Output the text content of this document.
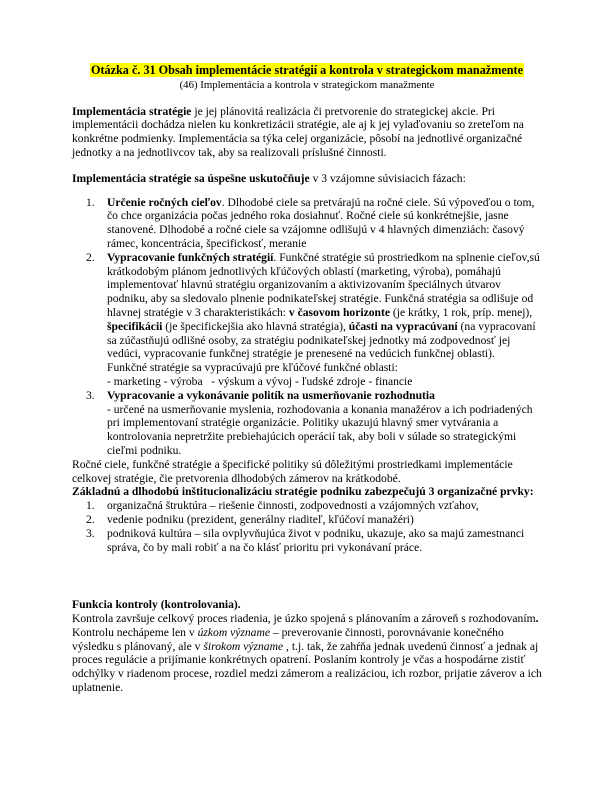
Otázka č. 31 Obsah implementácie stratégií a kontrola v strategickom manažmente
(46) Implementácia a kontrola v strategickom manažmente

Implementácia stratégie je jej plánovitá realizácia či pretvorenie do strategickej akcie. Pri implementácii dochádza nielen ku konkretizácii stratégie, ale aj k jej vylaďovaniu so zreteľom na konkrétne podmienky. Implementácia sa týka celej organizácie, pôsobí na jednotlivé organizačné jednotky a na jednotlivcov tak, aby sa realizovali príslušné činnosti.

Implementácia stratégie sa úspešne uskutočňuje v 3 vzájomne súvisiacich fázach:

1. Určenie ročných cieľov. Dlhodobé ciele sa pretvárajú na ročné ciele. Sú výpoveďou o tom, čo chce organizácia počas jedného roka dosiahnuť. Ročné ciele sú konkrétnejšie, jasne stanovené. Dlhodobé a ročné ciele sa vzájomne odlišujú v 4 hlavných dimenziách: časový rámec, koncentrácia, špecifickosť, meranie
2. Vypracovanie funkčných stratégií. Funkčné stratégie sú prostriedkom na splnenie cieľov,sú krátkodobým plánom jednotlivých kľúčových oblastí (marketing, výroba), pomáhajú implementovať hlavnú stratégiu organizovaním a aktivizovaním špeciálnych útvarov podniku, aby sa sledovalo plnenie podnikateľskej stratégie. Funkčná stratégia sa odlišuje od hlavnej stratégie v 3 charakteristikách: v časovom horizonte (je krátky, 1 rok, príp. menej), špecifikácii (je špecifickejšia ako hlavná stratégia), účasti na vypracúvaní (na vypracovaní sa zúčastňujú odlišné osoby, za stratégiu podnikateľskej jednotky má zodpovednosť jej vedúci, vypracovanie funkčnej stratégie je prenesené na vedúcich funkčnej oblasti).
Funkčné stratégie sa vypracúvajú pre kľúčové funkčné oblasti:
- marketing - výroba   - výskum a vývoj - ľudské zdroje - financie
3. Vypracovanie a vykonávanie politík na usmerňovanie rozhodnutia
- určené na usmerňovanie myslenia, rozhodovania a konania manažérov a ich podriadených pri implementovaní stratégie organizácie. Politiky ukazujú hlavný smer vytvárania a kontrolovania nepretržite prebiehajúcich operácií tak, aby boli v súlade so strategickými cieľmi podniku.

Ročné ciele, funkčné stratégie a špecifické politiky sú dôležitými prostriedkami implementácie celkovej stratégie, čie pretvorenia dlhodobých zámerov na krátkodobé.

Základnú a dlhodobú inštitucionalizáciu stratégie podniku zabezpečujú 3 organizačné prvky:

1. organizačná štruktúra – riešenie činnosti, zodpovednosti a vzájomných vzťahov,
2. vedenie podniku (prezident, generálny riaditeľ, kľúčoví manažéri)
3. podniková kultúra – sila ovplyvňujúca život v podniku, ukazuje, ako sa majú zamestnanci správa, čo by mali robiť a na čo klásť prioritu pri vykonávaní práce.

Funkcia kontroly (kontrolovania).

Kontrola završuje celkový proces riadenia, je úzko spojená s plánovaním a zároveň s rozhodovaním. Kontrolu nechápeme len v úzkom význame – preverovanie činnosti, porovnávanie konečného výsledku s plánovaný, ale v širokom význame , t.j. tak, že zahŕňa jednak uvedenú činnosť a jednak aj proces regulácie a prijímanie konkrétnych opatrení. Poslaním kontroly je včas a hospodárne zistiť odchýlky v riadenom procese, rozdiel medzi zámerom a realizáciou, ich rozbor, prijatie záverov a ich uplatnenie.
